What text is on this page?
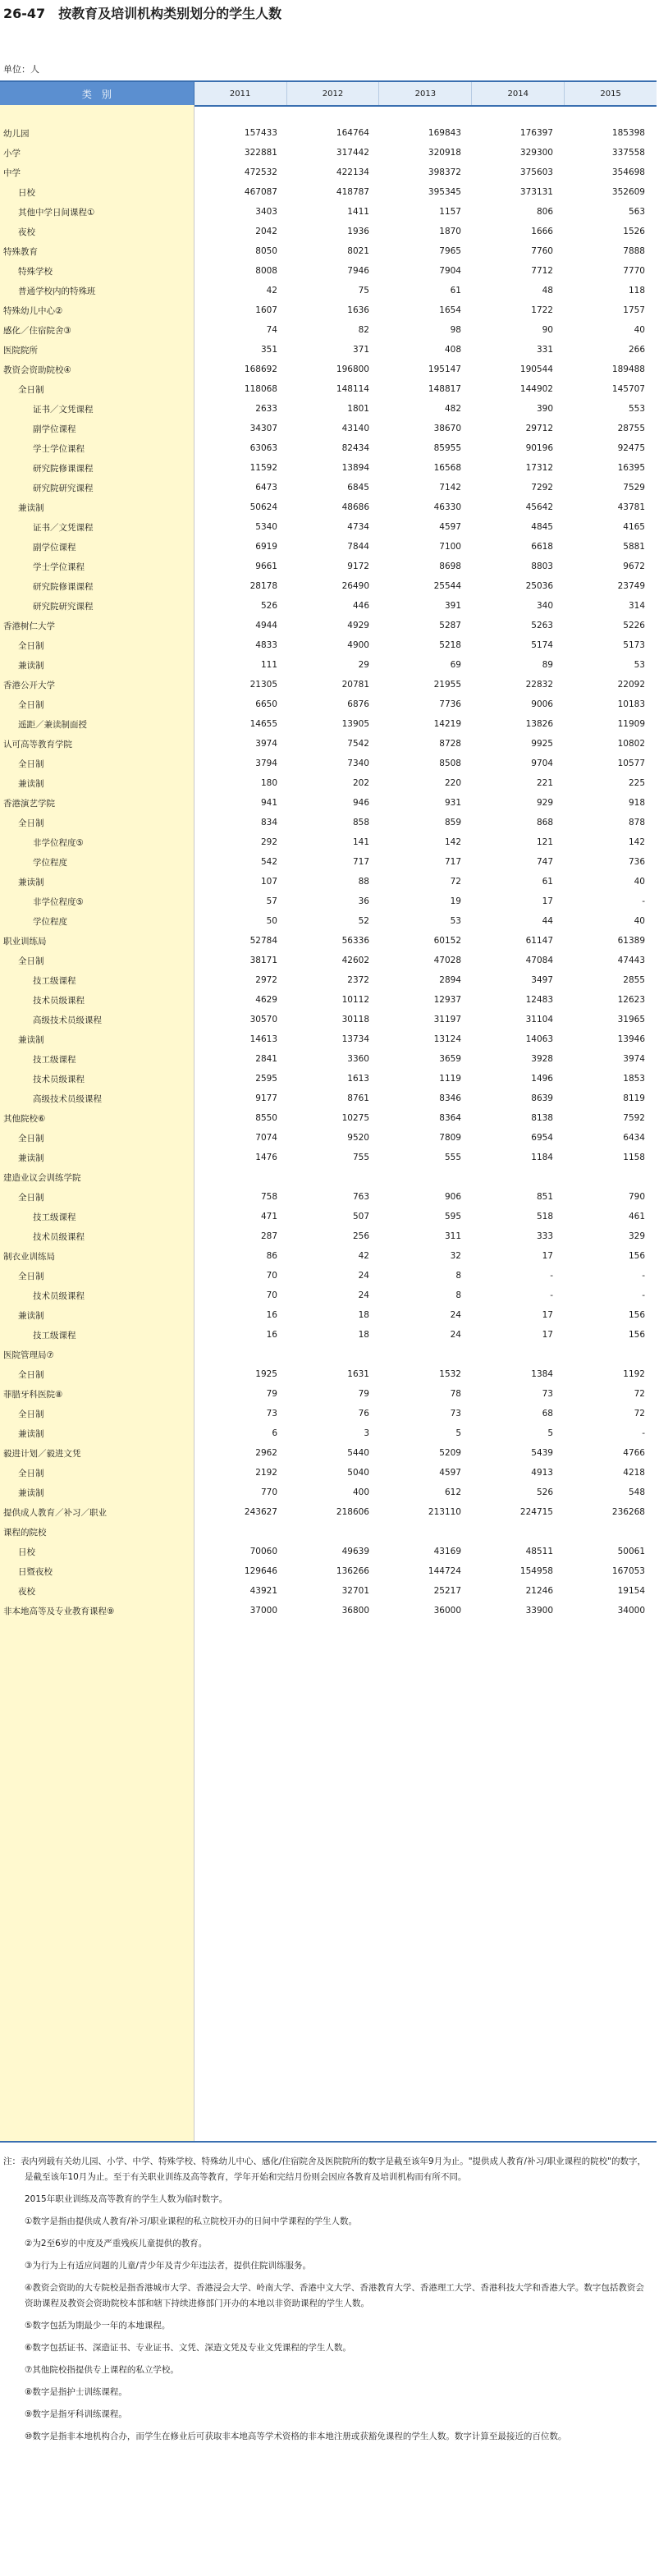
26-47　按教育及培训机构类别划分的学生人数
单位：人
类　别	2011	2012	2013	2014	2015
幼儿园	157433	164764	169843	176397	185398
小学	322881	317442	320918	329300	337558
中学	472532	422134	398372	375603	354698
日校	467087	418787	395345	373131	352609
其他中学日间课程①	3403	1411	1157	806	563
夜校	2042	1936	1870	1666	1526
特殊教育	8050	8021	7965	7760	7888
特殊学校	8008	7946	7904	7712	7770
普通学校内的特殊班	42	75	61	48	118
特殊幼儿中心②	1607	1636	1654	1722	1757
感化／住宿院舍③	74	82	98	90	40
医院院所	351	371	408	331	266
教资会资助院校④	168692	196800	195147	190544	189488
全日制	118068	148114	148817	144902	145707
证书／文凭课程	2633	1801	482	390	553
副学位课程	34307	43140	38670	29712	28755
学士学位课程	63063	82434	85955	90196	92475
研究院修课课程	11592	13894	16568	17312	16395
研究院研究课程	6473	6845	7142	7292	7529
兼读制	50624	48686	46330	45642	43781
证书／文凭课程	5340	4734	4597	4845	4165
副学位课程	6919	7844	7100	6618	5881
学士学位课程	9661	9172	8698	8803	9672
研究院修课课程	28178	26490	25544	25036	23749
研究院研究课程	526	446	391	340	314
香港树仁大学	4944	4929	5287	5263	5226
全日制	4833	4900	5218	5174	5173
兼读制	111	29	69	89	53
香港公开大学	21305	20781	21955	22832	22092
全日制	6650	6876	7736	9006	10183
遥距／兼读制面授	14655	13905	14219	13826	11909
认可高等教育学院	3974	7542	8728	9925	10802
全日制	3794	7340	8508	9704	10577
兼读制	180	202	220	221	225
香港演艺学院	941	946	931	929	918
全日制	834	858	859	868	878
非学位程度⑤	292	141	142	121	142
学位程度	542	717	717	747	736
兼读制	107	88	72	61	40
非学位程度⑤	57	36	19	17	-
学位程度	50	52	53	44	40
职业训练局	52784	56336	60152	61147	61389
全日制	38171	42602	47028	47084	47443
技工级课程	2972	2372	2894	3497	2855
技术员级课程	4629	10112	12937	12483	12623
高级技术员级课程	30570	30118	31197	31104	31965
兼读制	14613	13734	13124	14063	13946
技工级课程	2841	3360	3659	3928	3974
技术员级课程	2595	1613	1119	1496	1853
高级技术员级课程	9177	8761	8346	8639	8119
其他院校⑥	8550	10275	8364	8138	7592
全日制	7074	9520	7809	6954	6434
兼读制	1476	755	555	1184	1158
建造业议会训练学院
全日制	758	763	906	851	790
技工级课程	471	507	595	518	461
技术员级课程	287	256	311	333	329
制衣业训练局	86	42	32	17	156
全日制	70	24	8	-	-
技术员级课程	70	24	8	-	-
兼读制	16	18	24	17	156
技工级课程	16	18	24	17	156
医院管理局⑦
全日制	1925	1631	1532	1384	1192
菲腊牙科医院⑧	79	79	78	73	72
全日制	73	76	73	68	72
兼读制	6	3	5	5	-
毅进计划／毅进文凭	2962	5440	5209	5439	4766
全日制	2192	5040	4597	4913	4218
兼读制	770	400	612	526	548
提供成人教育／补习／职业	243627	218606	213110	224715	236268
课程的院校
日校	70060	49639	43169	48511	50061
日暨夜校	129646	136266	144724	154958	167053
夜校	43921	32701	25217	21246	19154
非本地高等及专业教育课程⑨	37000	36800	36000	33900	34000
注：表内列载有关幼儿园、小学、中学、特殊学校、特殊幼儿中心、感化/住宿院舍及医院院所的数字是截至该年9月为止。"提供成人教育/补习/职业课程的院校"的数字，是截至该年10月为止。至于有关职业训练及高等教育，学年开始和完结月份则会因应各教育及培训机构而有所不同。
2015年职业训练及高等教育的学生人数为临时数字。
①数字是指由提供成人教育/补习/职业课程的私立院校开办的日间中学课程的学生人数。
②为2至6岁的中度及严重残疾儿童提供的教育。
③为行为上有适应问题的儿童/青少年及青少年违法者，提供住院训练服务。
④教资会资助的大专院校是指香港城市大学、香港浸会大学、岭南大学、香港中文大学、香港教育大学、香港理工大学、香港科技大学和香港大学。数字包括教资会资助课程及教资会资助院校本部和辖下持续进修部门开办的本地以非资助课程的学生人数。
⑤数字包括为期最少一年的本地课程。
⑥数字包括证书、深造证书、专业证书、文凭、深造文凭及专业文凭课程的学生人数。
⑦其他院校指提供专上课程的私立学校。
⑧数字是指护士训练课程。
⑨数字是指牙科训练课程。
⑩数字是指非本地机构合办，而学生在修业后可获取非本地高等学术资格的非本地注册或获豁免课程的学生人数。数字计算至最接近的百位数。
